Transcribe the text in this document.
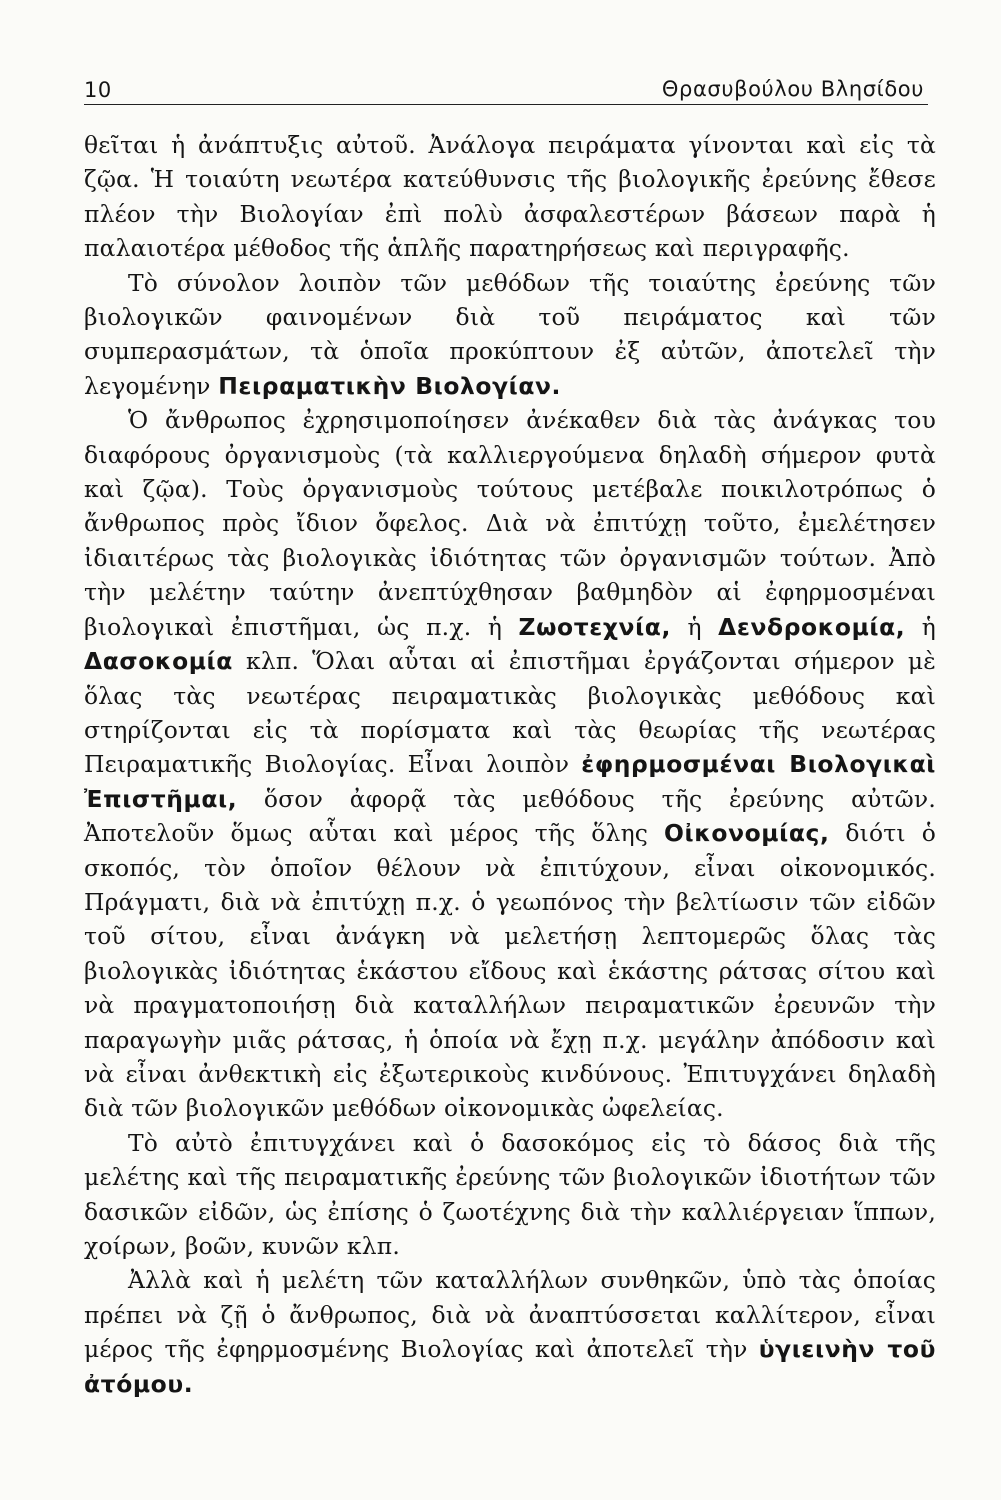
10	Θρασυβούλου Βλησίδου

θεῖται ἡ ἀνάπτυξις αὐτοῦ. Ἀνάλογα πειράματα γίνονται καὶ εἰς τὰ ζῷα. Ἡ τοιαύτη νεωτέρα κατεύθυνσις τῆς βιολογικῆς ἐρεύνης ἔθεσε πλέον τὴν Βιολογίαν ἐπὶ πολὺ ἀσφαλεστέρων βάσεων παρὰ ἡ παλαιοτέρα μέθοδος τῆς ἁπλῆς παρατηρήσεως καὶ περιγραφῆς.

Τὸ σύνολον λοιπὸν τῶν μεθόδων τῆς τοιαύτης ἐρεύνης τῶν βιολογικῶν φαινομένων διὰ τοῦ πειράματος καὶ τῶν συμπερασμάτων, τὰ ὁποῖα προκύπτουν ἐξ αὐτῶν, ἀποτελεῖ τὴν λεγομένην Πειραματικὴν Βιολογίαν.

Ὁ ἄνθρωπος ἐχρησιμοποίησεν ἀνέκαθεν διὰ τὰς ἀνάγκας του διαφόρους ὀργανισμοὺς (τὰ καλλιεργούμενα δηλαδὴ σήμερον φυτὰ καὶ ζῷα). Τοὺς ὀργανισμοὺς τούτους μετέβαλε ποικιλοτρόπως ὁ ἄνθρωπος πρὸς ἴδιον ὄφελος. Διὰ νὰ ἐπιτύχῃ τοῦτο, ἐμελέτησεν ἰδιαιτέρως τὰς βιολογικὰς ἰδιότητας τῶν ὀργανισμῶν τούτων. Ἀπὸ τὴν μελέτην ταύτην ἀνεπτύχθησαν βαθμηδὸν αἱ ἐφηρμοσμέναι βιολογικαὶ ἐπιστῆμαι, ὡς π.χ. ἡ Ζωοτεχνία, ἡ Δενδροκομία, ἡ Δασοκομία κλπ. Ὅλαι αὗται αἱ ἐπιστῆμαι ἐργάζονται σήμερον μὲ ὅλας τὰς νεωτέρας πειραματικὰς βιολογικὰς μεθόδους καὶ στηρίζονται εἰς τὰ πορίσματα καὶ τὰς θεωρίας τῆς νεωτέρας Πειραματικῆς Βιολογίας. Εἶναι λοιπὸν ἐφηρμοσμέναι Βιολογικαὶ Ἐπιστῆμαι, ὅσον ἀφορᾷ τὰς μεθόδους τῆς ἐρεύνης αὐτῶν. Ἀποτελοῦν ὅμως αὗται καὶ μέρος τῆς ὅλης Οἰκονομίας, διότι ὁ σκοπός, τὸν ὁποῖον θέλουν νὰ ἐπιτύχουν, εἶναι οἰκονομικός. Πράγματι, διὰ νὰ ἐπιτύχῃ π.χ. ὁ γεωπόνος τὴν βελτίωσιν τῶν εἰδῶν τοῦ σίτου, εἶναι ἀνάγκη νὰ μελετήσῃ λεπτομερῶς ὅλας τὰς βιολογικὰς ἰδιότητας ἑκάστου εἴδους καὶ ἑκάστης ράτσας σίτου καὶ νὰ πραγματοποιήσῃ διὰ καταλλήλων πειραματικῶν ἐρευνῶν τὴν παραγωγὴν μιᾶς ράτσας, ἡ ὁποία νὰ ἔχῃ π.χ. μεγάλην ἀπόδοσιν καὶ νὰ εἶναι ἀνθεκτικὴ εἰς ἐξωτερικοὺς κινδύνους. Ἐπιτυγχάνει δηλαδὴ διὰ τῶν βιολογικῶν μεθόδων οἰκονομικὰς ὠφελείας.

Τὸ αὐτὸ ἐπιτυγχάνει καὶ ὁ δασοκόμος εἰς τὸ δάσος διὰ τῆς μελέτης καὶ τῆς πειραματικῆς ἐρεύνης τῶν βιολογικῶν ἰδιοτήτων τῶν δασικῶν εἰδῶν, ὡς ἐπίσης ὁ ζωοτέχνης διὰ τὴν καλλιέργειαν ἵππων, χοίρων, βοῶν, κυνῶν κλπ.

Ἀλλὰ καὶ ἡ μελέτη τῶν καταλλήλων συνθηκῶν, ὑπὸ τὰς ὁποίας πρέπει νὰ ζῇ ὁ ἄνθρωπος, διὰ νὰ ἀναπτύσσεται καλλίτερον, εἶναι μέρος τῆς ἐφηρμοσμένης Βιολογίας καὶ ἀποτελεῖ τὴν ὑγιεινὴν τοῦ ἀτόμου.
